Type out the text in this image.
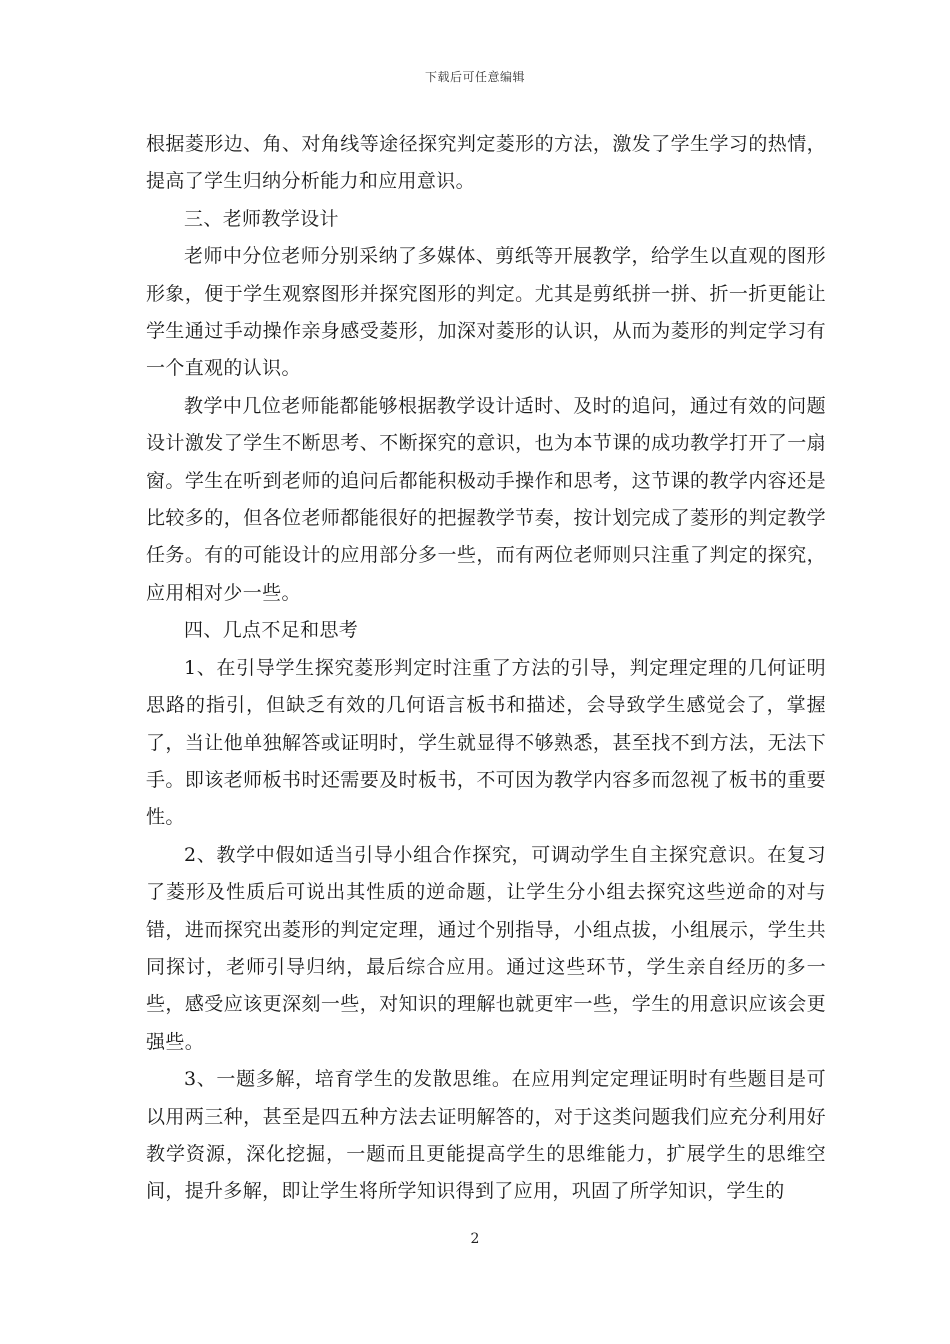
下载后可任意编辑

根据菱形边、角、对角线等途径探究判定菱形的方法，激发了学生学习的热情，提高了学生归纳分析能力和应用意识。

三、老师教学设计

老师中分位老师分别采纳了多媒体、剪纸等开展教学，给学生以直观的图形形象，便于学生观察图形并探究图形的判定。尤其是剪纸拼一拼、折一折更能让学生通过手动操作亲身感受菱形，加深对菱形的认识，从而为菱形的判定学习有一个直观的认识。

教学中几位老师能都能够根据教学设计适时、及时的追问，通过有效的问题设计激发了学生不断思考、不断探究的意识，也为本节课的成功教学打开了一扇窗。学生在听到老师的追问后都能积极动手操作和思考，这节课的教学内容还是比较多的，但各位老师都能很好的把握教学节奏，按计划完成了菱形的判定教学任务。有的可能设计的应用部分多一些，而有两位老师则只注重了判定的探究，应用相对少一些。

四、几点不足和思考

1、在引导学生探究菱形判定时注重了方法的引导，判定理定理的几何证明思路的指引，但缺乏有效的几何语言板书和描述，会导致学生感觉会了，掌握了，当让他单独解答或证明时，学生就显得不够熟悉，甚至找不到方法，无法下手。即该老师板书时还需要及时板书，不可因为教学内容多而忽视了板书的重要性。

2、教学中假如适当引导小组合作探究，可调动学生自主探究意识。在复习了菱形及性质后可说出其性质的逆命题，让学生分小组去探究这些逆命的对与错，进而探究出菱形的判定定理，通过个别指导，小组点拔，小组展示，学生共同探讨，老师引导归纳，最后综合应用。通过这些环节，学生亲自经历的多一些，感受应该更深刻一些，对知识的理解也就更牢一些，学生的用意识应该会更强些。

3、一题多解，培育学生的发散思维。在应用判定定理证明时有些题目是可以用两三种，甚至是四五种方法去证明解答的，对于这类问题我们应充分利用好教学资源，深化挖掘，一题而且更能提高学生的思维能力，扩展学生的思维空间，提升多解，即让学生将所学知识得到了应用，巩固了所学知识，学生的

2
